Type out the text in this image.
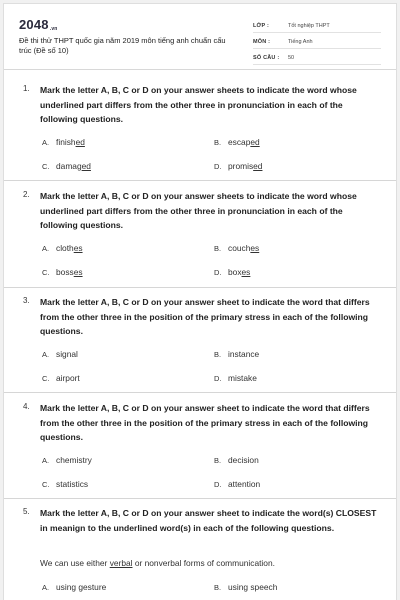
2048.vn
Đề thi thử THPT quốc gia năm 2019 môn tiếng anh chuẩn cấu trúc (Đề số 10)
LỚP :	Tốt nghiệp THPT
MÔN :	Tiếng Anh
SỐ CÂU :	50
1. Mark the letter A, B, C or D on your answer sheets to indicate the word whose underlined part differs from the other three in pronunciation in each of the following questions.
A. finish ed	B. escap ed
C. damag ed	D. promis ed
2. Mark the letter A, B, C or D on your answer sheets to indicate the word whose underlined part differs from the other three in pronunciation in each of the following questions.
A. cloth es	B. couch es
C. boss es	D. box es
3. Mark the letter A, B, C or D on your answer sheet to indicate the word that differs from the other three in the position of the primary stress in each of the following questions.
A. signal	B. instance
C. airport	D. mistake
4. Mark the letter A, B, C or D on your answer sheet to indicate the word that differs from the other three in the position of the primary stress in each of the following questions.
A. chemistry	B. decision
C. statistics	D. attention
5. Mark the letter A, B, C or D on your answer sheet to indicate the word(s) CLOSEST in meanign to the underlined word(s) in each of the following questions.
We can use either verbal or nonverbal forms of communication.
A. using gesture	B. using speech
